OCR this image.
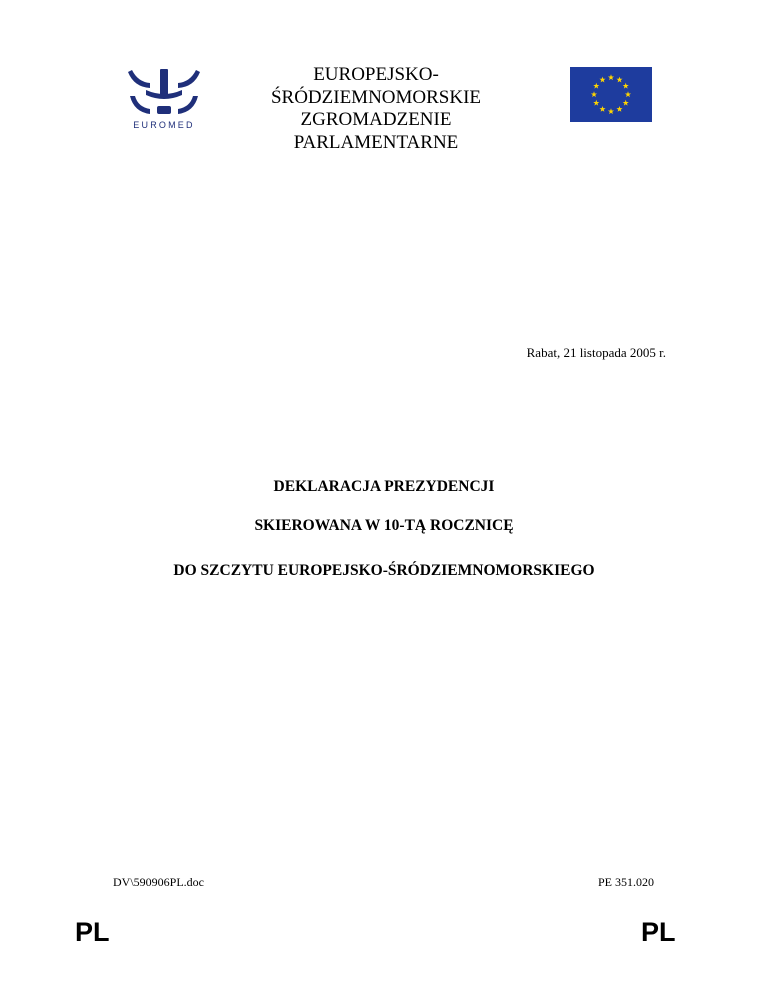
EUROMED
EUROPEJSKO-
ŚRÓDZIEMNOMORSKIE
ZGROMADZENIE
PARLAMENTARNE
Rabat, 21 listopada 2005 r.
DEKLARACJA PREZYDENCJI
SKIEROWANA W 10-TĄ ROCZNICĘ
DO SZCZYTU EUROPEJSKO-ŚRÓDZIEMNOMORSKIEGO
DV\590906PL.doc	PE 351.020
PL	PL
